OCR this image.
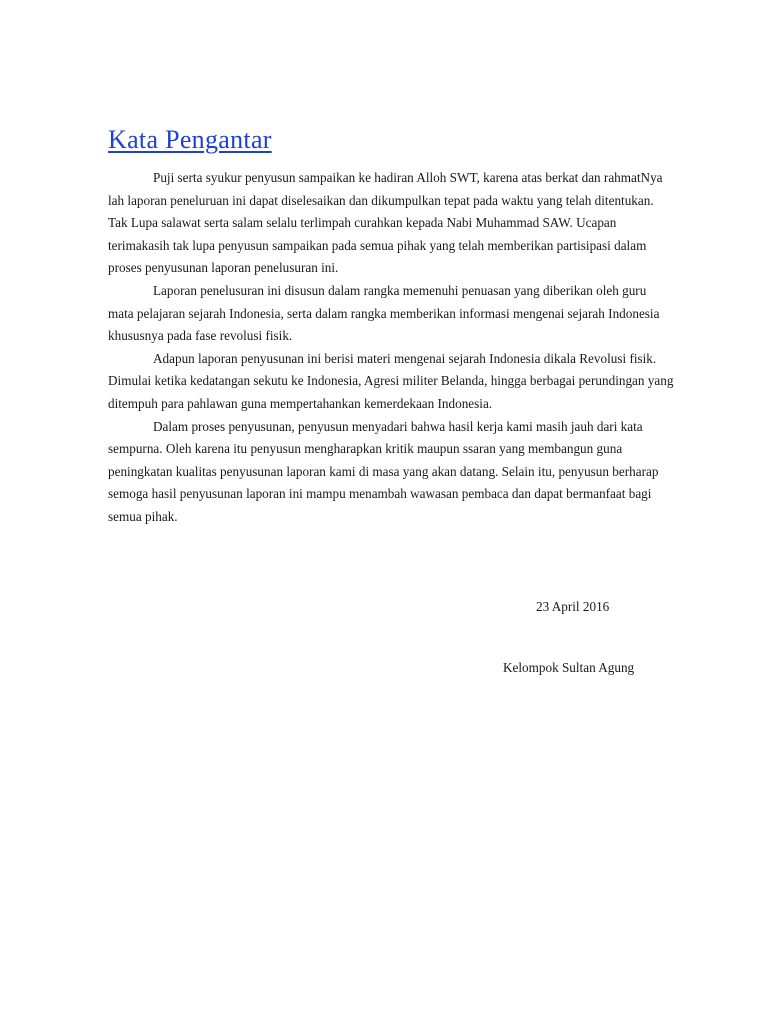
Kata Pengantar

Puji serta syukur penyusun sampaikan ke hadiran Alloh SWT, karena atas berkat dan rahmatNya lah laporan peneluruan ini dapat diselesaikan dan dikumpulkan tepat pada waktu yang telah ditentukan. Tak Lupa salawat serta salam selalu terlimpah curahkan kepada Nabi Muhammad SAW. Ucapan terimakasih tak lupa penyusun sampaikan pada semua pihak yang telah memberikan partisipasi dalam proses penyusunan laporan penelusuran ini.

Laporan penelusuran ini disusun dalam rangka memenuhi penuasan yang diberikan oleh guru mata pelajaran sejarah Indonesia, serta dalam rangka memberikan informasi mengenai sejarah Indonesia khususnya pada fase revolusi fisik.

Adapun laporan penyusunan ini berisi materi mengenai sejarah Indonesia dikala Revolusi fisik. Dimulai ketika kedatangan sekutu ke Indonesia, Agresi militer Belanda, hingga berbagai perundingan yang ditempuh para pahlawan guna mempertahankan kemerdekaan Indonesia.

Dalam proses penyusunan, penyusun menyadari bahwa hasil kerja kami masih jauh dari kata sempurna. Oleh karena itu penyusun mengharapkan kritik maupun ssaran yang membangun guna peningkatan kualitas penyusunan laporan kami di masa yang akan datang. Selain itu, penyusun berharap semoga hasil penyusunan laporan ini mampu menambah wawasan pembaca dan dapat bermanfaat bagi semua pihak.

23 April 2016
Kelompok Sultan Agung
